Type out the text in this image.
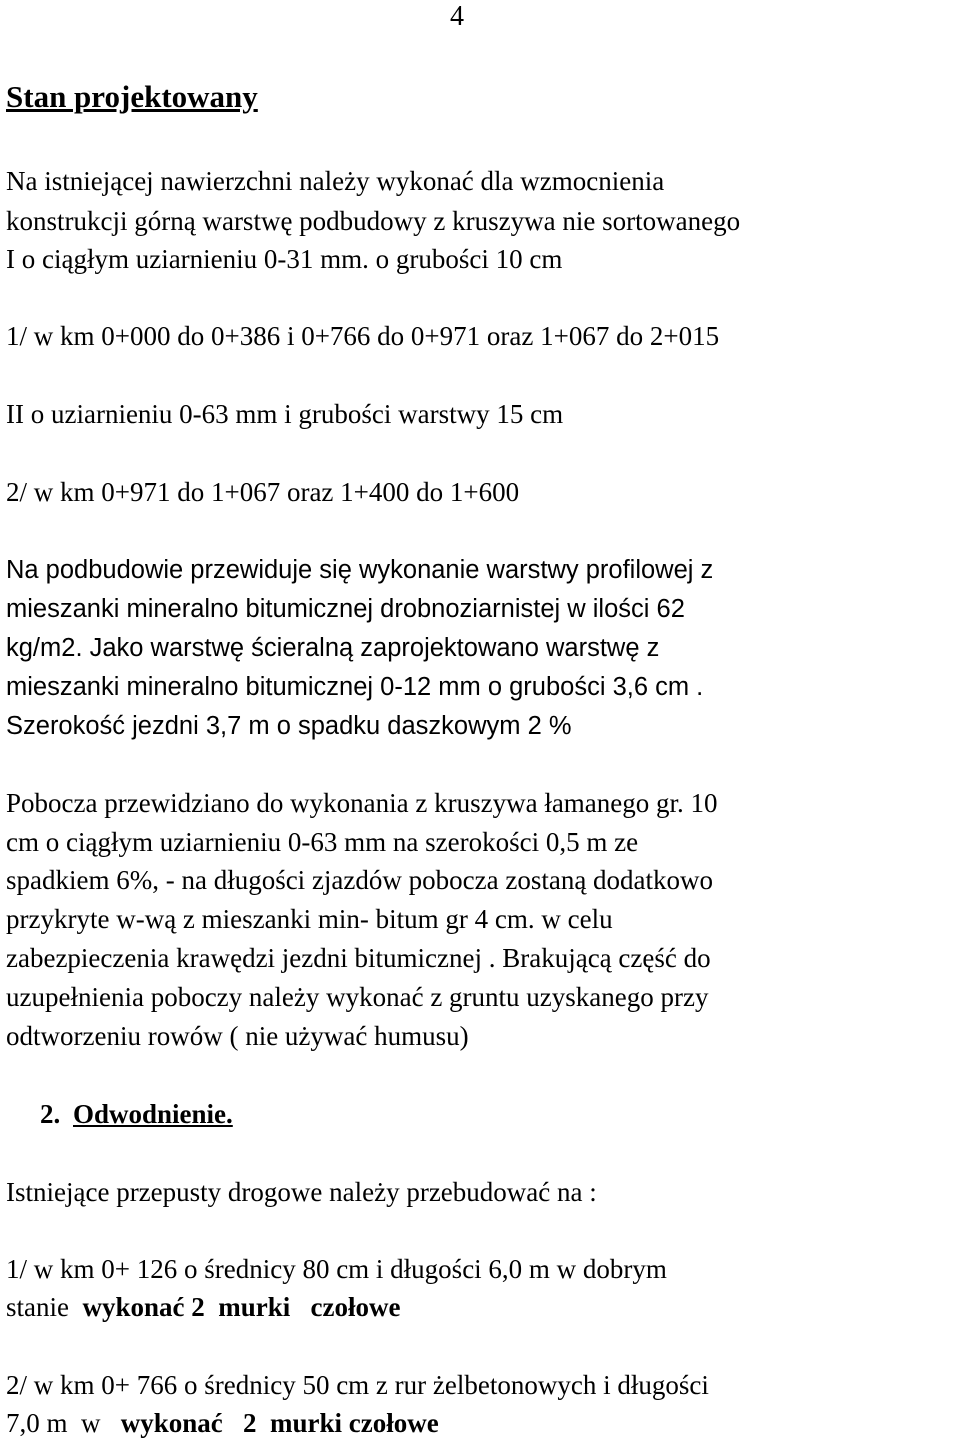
4
Stan projektowany
Na istniejącej nawierzchni należy wykonać dla wzmocnienia
konstrukcji górną warstwę podbudowy z kruszywa nie sortowanego
I o ciągłym uziarnieniu 0-31 mm. o grubości 10 cm
1/ w km 0+000 do 0+386 i 0+766 do 0+971 oraz 1+067 do 2+015
II o uziarnieniu 0-63 mm i grubości warstwy 15 cm
2/ w km 0+971 do 1+067 oraz 1+400 do 1+600
Na podbudowie przewiduje się wykonanie warstwy profilowej z
mieszanki mineralno bitumicznej drobnoziarnistej w ilości 62
kg/m2. Jako warstwę ścieralną zaprojektowano warstwę z
mieszanki mineralno bitumicznej 0-12 mm o grubości 3,6 cm .
Szerokość jezdni 3,7 m o spadku daszkowym 2 %
Pobocza przewidziano do wykonania z kruszywa łamanego gr. 10
cm o ciągłym uziarnieniu 0-63 mm na szerokości 0,5 m ze
spadkiem 6%, - na długości zjazdów pobocza zostaną dodatkowo
przykryte w-wą z mieszanki min- bitum gr 4 cm. w celu
zabezpieczenia krawędzi jezdni bitumicznej . Brakującą część do
uzupełnienia poboczy należy wykonać z gruntu uzyskanego przy
odtworzeniu rowów ( nie używać humusu)
2. Odwodnienie.
Istniejące przepusty drogowe należy przebudować na :
1/ w km 0+ 126 o średnicy 80 cm i długości 6,0 m w dobrym
stanie  wykonać 2  murki   czołowe
2/ w km 0+ 766 o średnicy 50 cm z rur żelbetonowych i długości
7,0 m  w   wykonać   2  murki czołowe
